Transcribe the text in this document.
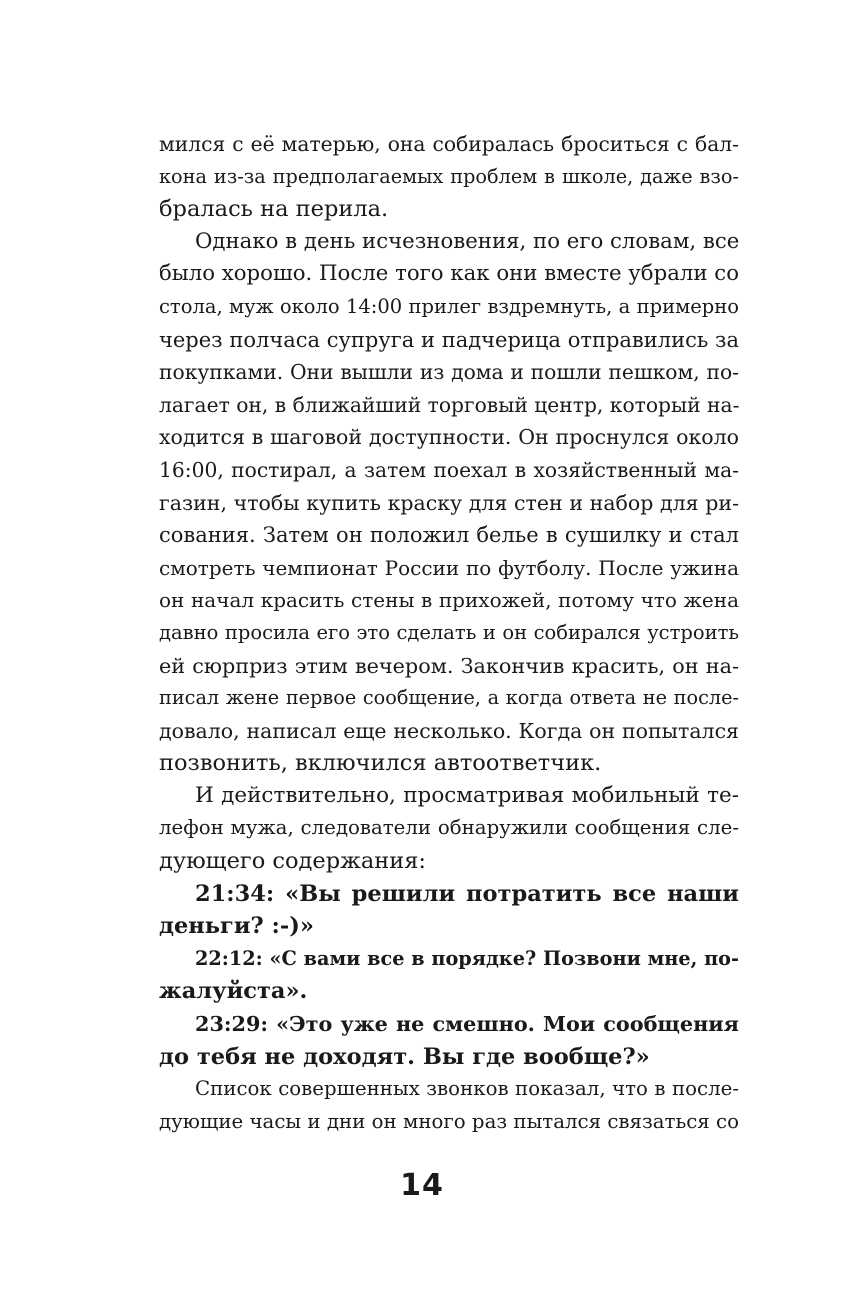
мился с её матерью, она собиралась броситься с бал-
кона из-за предполагаемых проблем в школе, даже взо-
бралась на перила.
Однако в день исчезновения, по его словам, все
было хорошо. После того как они вместе убрали со
стола, муж около 14:00 прилег вздремнуть, а примерно
через полчаса супруга и падчерица отправились за
покупками. Они вышли из дома и пошли пешком, по-
лагает он, в ближайший торговый центр, который на-
ходится в шаговой доступности. Он проснулся около
16:00, постирал, а затем поехал в хозяйственный ма-
газин, чтобы купить краску для стен и набор для ри-
сования. Затем он положил белье в сушилку и стал
смотреть чемпионат России по футболу. После ужина
он начал красить стены в прихожей, потому что жена
давно просила его это сделать и он собирался устроить
ей сюрприз этим вечером. Закончив красить, он на-
писал жене первое сообщение, а когда ответа не после-
довало, написал еще несколько. Когда он попытался
позвонить, включился автоответчик.
И действительно, просматривая мобильный те-
лефон мужа, следователи обнаружили сообщения сле-
дующего содержания:
21:34: «Вы решили потратить все наши
деньги? :-)»
22:12: «С вами все в порядке? Позвони мне, по-
жалуйста».
23:29: «Это уже не смешно. Мои сообщения
до тебя не доходят. Вы где вообще?»
Список совершенных звонков показал, что в после-
дующие часы и дни он много раз пытался связаться со
14
